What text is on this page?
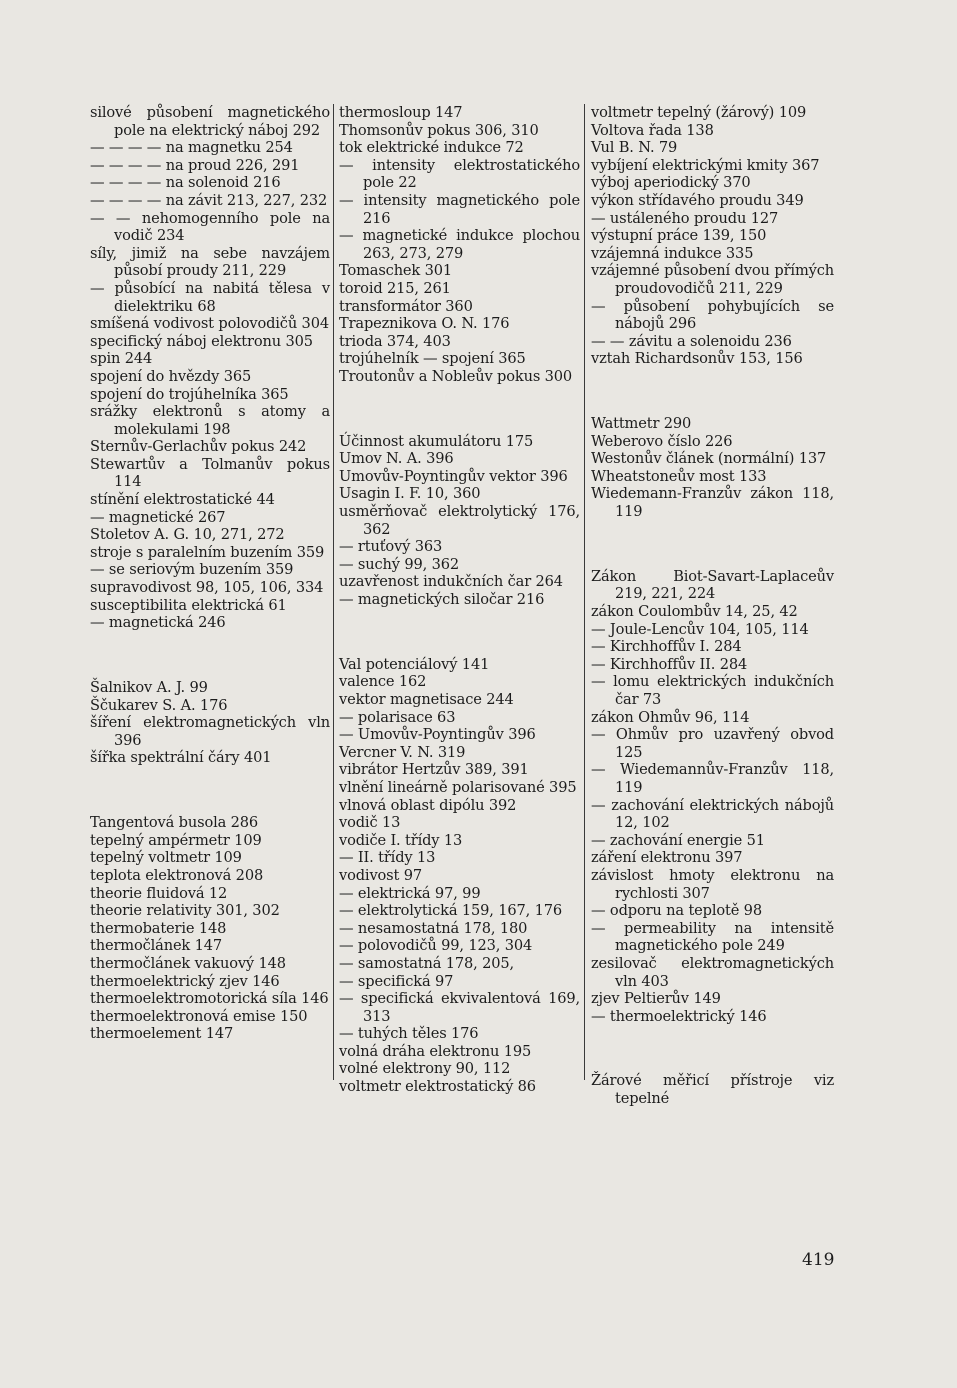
silové působení magnetického pole na elektrický náboj 292

— — — — na magnetku 254

— — — — na proud 226, 291

— — — — na solenoid 216

— — — — na závit 213, 227, 232

— — nehomogenního pole na vodič 234

síly, jimiž na sebe navzájem působí proudy 211, 229

— působící na nabitá tělesa v dielektriku 68

smíšená vodivost polovodičů 304

specifický náboj elektronu 305

spin 244

spojení do hvězdy 365

spojení do trojúhelníka 365

srážky elektronů s atomy a molekulami 198

Sternův-Gerlachův pokus 242

Stewartův a Tolmanův pokus 114

stínění elektrostatické 44

— magnetické 267

Stoletov A. G. 10, 271, 272

stroje s paralelním buzením 359

— se seriovým buzením 359

supravodivost 98, 105, 106, 334

susceptibilita elektrická 61

— magnetická 246

Šalnikov A. J. 99

Ščukarev S. A. 176

šíření elektromagnetických vln 396

šířka spektrální čáry 401

Tangentová busola 286

tepelný ampérmetr 109

tepelný voltmetr 109

teplota elektronová 208

theorie fluidová 12

theorie relativity 301, 302

thermobaterie 148

thermočlánek 147

thermočlánek vakuový 148

thermoelektrický zjev 146

thermoelektromotorická síla 146

thermoelektronová emise 150

thermoelement 147

thermosloup 147

Thomsonův pokus 306, 310

tok elektrické indukce 72

— intensity elektrostatického pole 22

— intensity magnetického pole 216

— magnetické indukce plochou 263, 273, 279

Tomaschek 301

toroid 215, 261

transformátor 360

Trapeznikova O. N. 176

trioda 374, 403

trojúhelník — spojení 365

Troutonův a Nobleův pokus 300

Účinnost akumulátoru 175

Umov N. A. 396

Umovův-Poyntingův vektor 396

Usagin I. F. 10, 360

usměrňovač elektrolytický 176, 362

— rtuťový 363

— suchý 99, 362

uzavřenost indukčních čar 264

— magnetických siločar 216

Val potenciálový 141

valence 162

vektor magnetisace 244

— polarisace 63

— Umovův-Poyntingův 396

Vercner V. N. 319

vibrátor Hertzův 389, 391

vlnění lineárně polarisované 395

vlnová oblast dipólu 392

vodič 13

vodiče I. třídy 13

— II. třídy 13

vodivost 97

— elektrická 97, 99

— elektrolytická 159, 167, 176

— nesamostatná 178, 180

— polovodičů 99, 123, 304

— samostatná 178, 205,

— specifická 97

— specifická ekvivalentová 169, 313

— tuhých těles 176

volná dráha elektronu 195

volné elektrony 90, 112

voltmetr elektrostatický 86

voltmetr tepelný (žárový) 109

Voltova řada 138

Vul B. N. 79

vybíjení elektrickými kmity 367

výboj aperiodický 370

výkon střídavého proudu 349

— ustáleného proudu 127

výstupní práce 139, 150

vzájemná indukce 335

vzájemné působení dvou přímých proudovodičů 211, 229

— působení pohybujících se nábojů 296

— — závitu a solenoidu 236

vztah Richardsonův 153, 156

Wattmetr 290

Weberovo číslo 226

Westonův článek (normální) 137

Wheatstoneův most 133

Wiedemann-Franzův zákon 118, 119

Zákon Biot-Savart-Laplaceův 219, 221, 224

zákon Coulombův 14, 25, 42

— Joule-Lencův 104, 105, 114

— Kirchhoffův I. 284

— Kirchhoffův II. 284

— lomu elektrických indukčních čar 73

zákon Ohmův 96, 114

— Ohmův pro uzavřený obvod 125

— Wiedemannův-Franzův 118, 119

— zachování elektrických nábojů 12, 102

— zachování energie 51

záření elektronu 397

závislost hmoty elektronu na rychlosti 307

— odporu na teplotě 98

— permeability na intensitě magnetického pole 249

zesilovač elektromagnetických vln 403

zjev Peltierův 149

— thermoelektrický 146

Žárové měřicí přístroje viz tepelné

419
